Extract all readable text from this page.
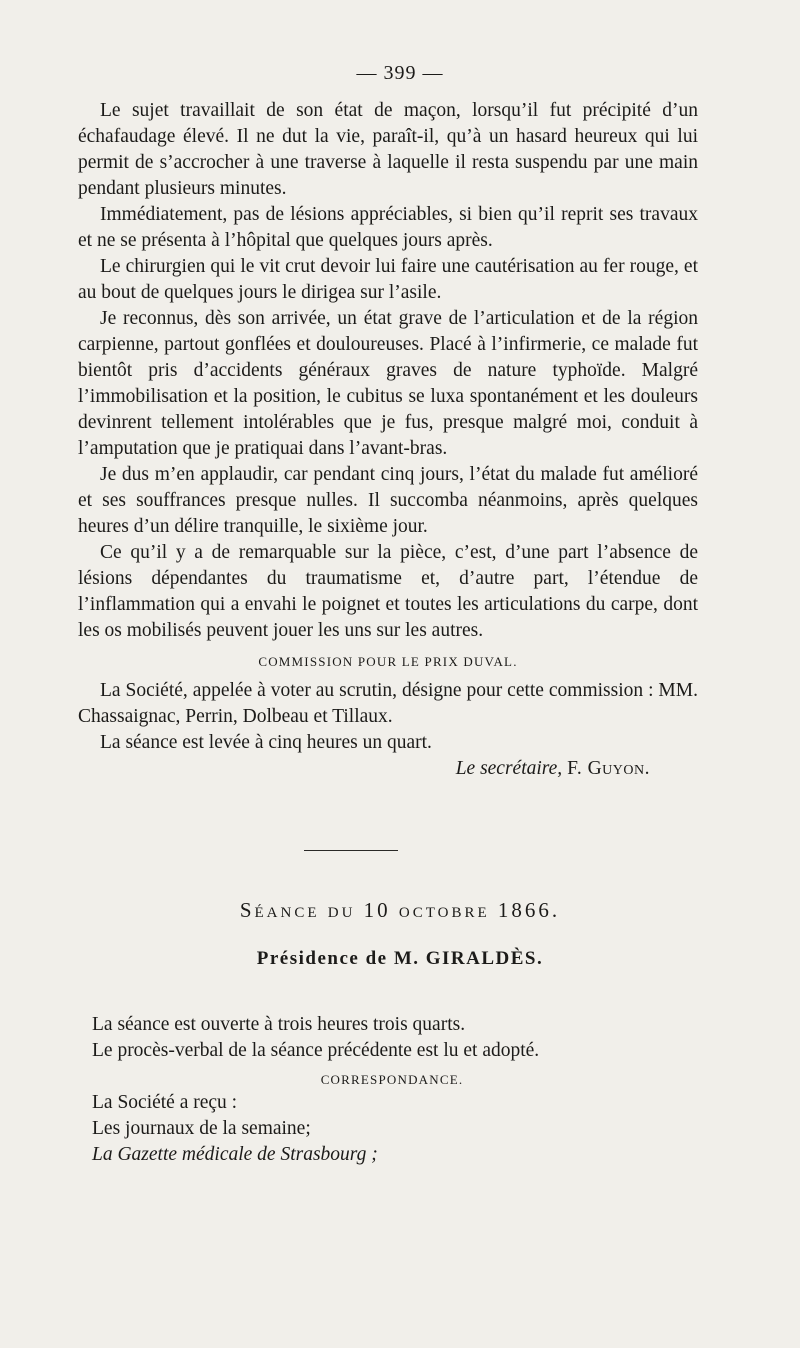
— 399 —

Le sujet travaillait de son état de maçon, lorsqu’il fut précipité d’un échafaudage élevé. Il ne dut la vie, paraît-il, qu’à un hasard heureux qui lui permit de s’accrocher à une traverse à laquelle il resta suspendu par une main pendant plusieurs minutes.

Immédiatement, pas de lésions appréciables, si bien qu’il reprit ses travaux et ne se présenta à l’hôpital que quelques jours après.

Le chirurgien qui le vit crut devoir lui faire une cautérisation au fer rouge, et au bout de quelques jours le dirigea sur l’asile.

Je reconnus, dès son arrivée, un état grave de l’articulation et de la région carpienne, partout gonflées et douloureuses. Placé à l’infirmerie, ce malade fut bientôt pris d’accidents généraux graves de nature typhoïde. Malgré l’immobilisation et la position, le cubitus se luxa spontanément et les douleurs devinrent tellement intolérables que je fus, presque malgré moi, conduit à l’amputation que je pratiquai dans l’avant-bras.

Je dus m’en applaudir, car pendant cinq jours, l’état du malade fut amélioré et ses souffrances presque nulles. Il succomba néanmoins, après quelques heures d’un délire tranquille, le sixième jour.

Ce qu’il y a de remarquable sur la pièce, c’est, d’une part l’absence de lésions dépendantes du traumatisme et, d’autre part, l’étendue de l’inflammation qui a envahi le poignet et toutes les articulations du carpe, dont les os mobilisés peuvent jouer les uns sur les autres.

COMMISSION POUR LE PRIX DUVAL.

La Société, appelée à voter au scrutin, désigne pour cette commission : MM. Chassaignac, Perrin, Dolbeau et Tillaux.

La séance est levée à cinq heures un quart.

Le secrétaire, F. Guyon.

Séance du 10 octobre 1866.
Présidence de M. GIRALDÈS.

La séance est ouverte à trois heures trois quarts.

Le procès-verbal de la séance précédente est lu et adopté.

CORRESPONDANCE.

La Société a reçu :

Les journaux de la semaine;

La Gazette médicale de Strasbourg ;
